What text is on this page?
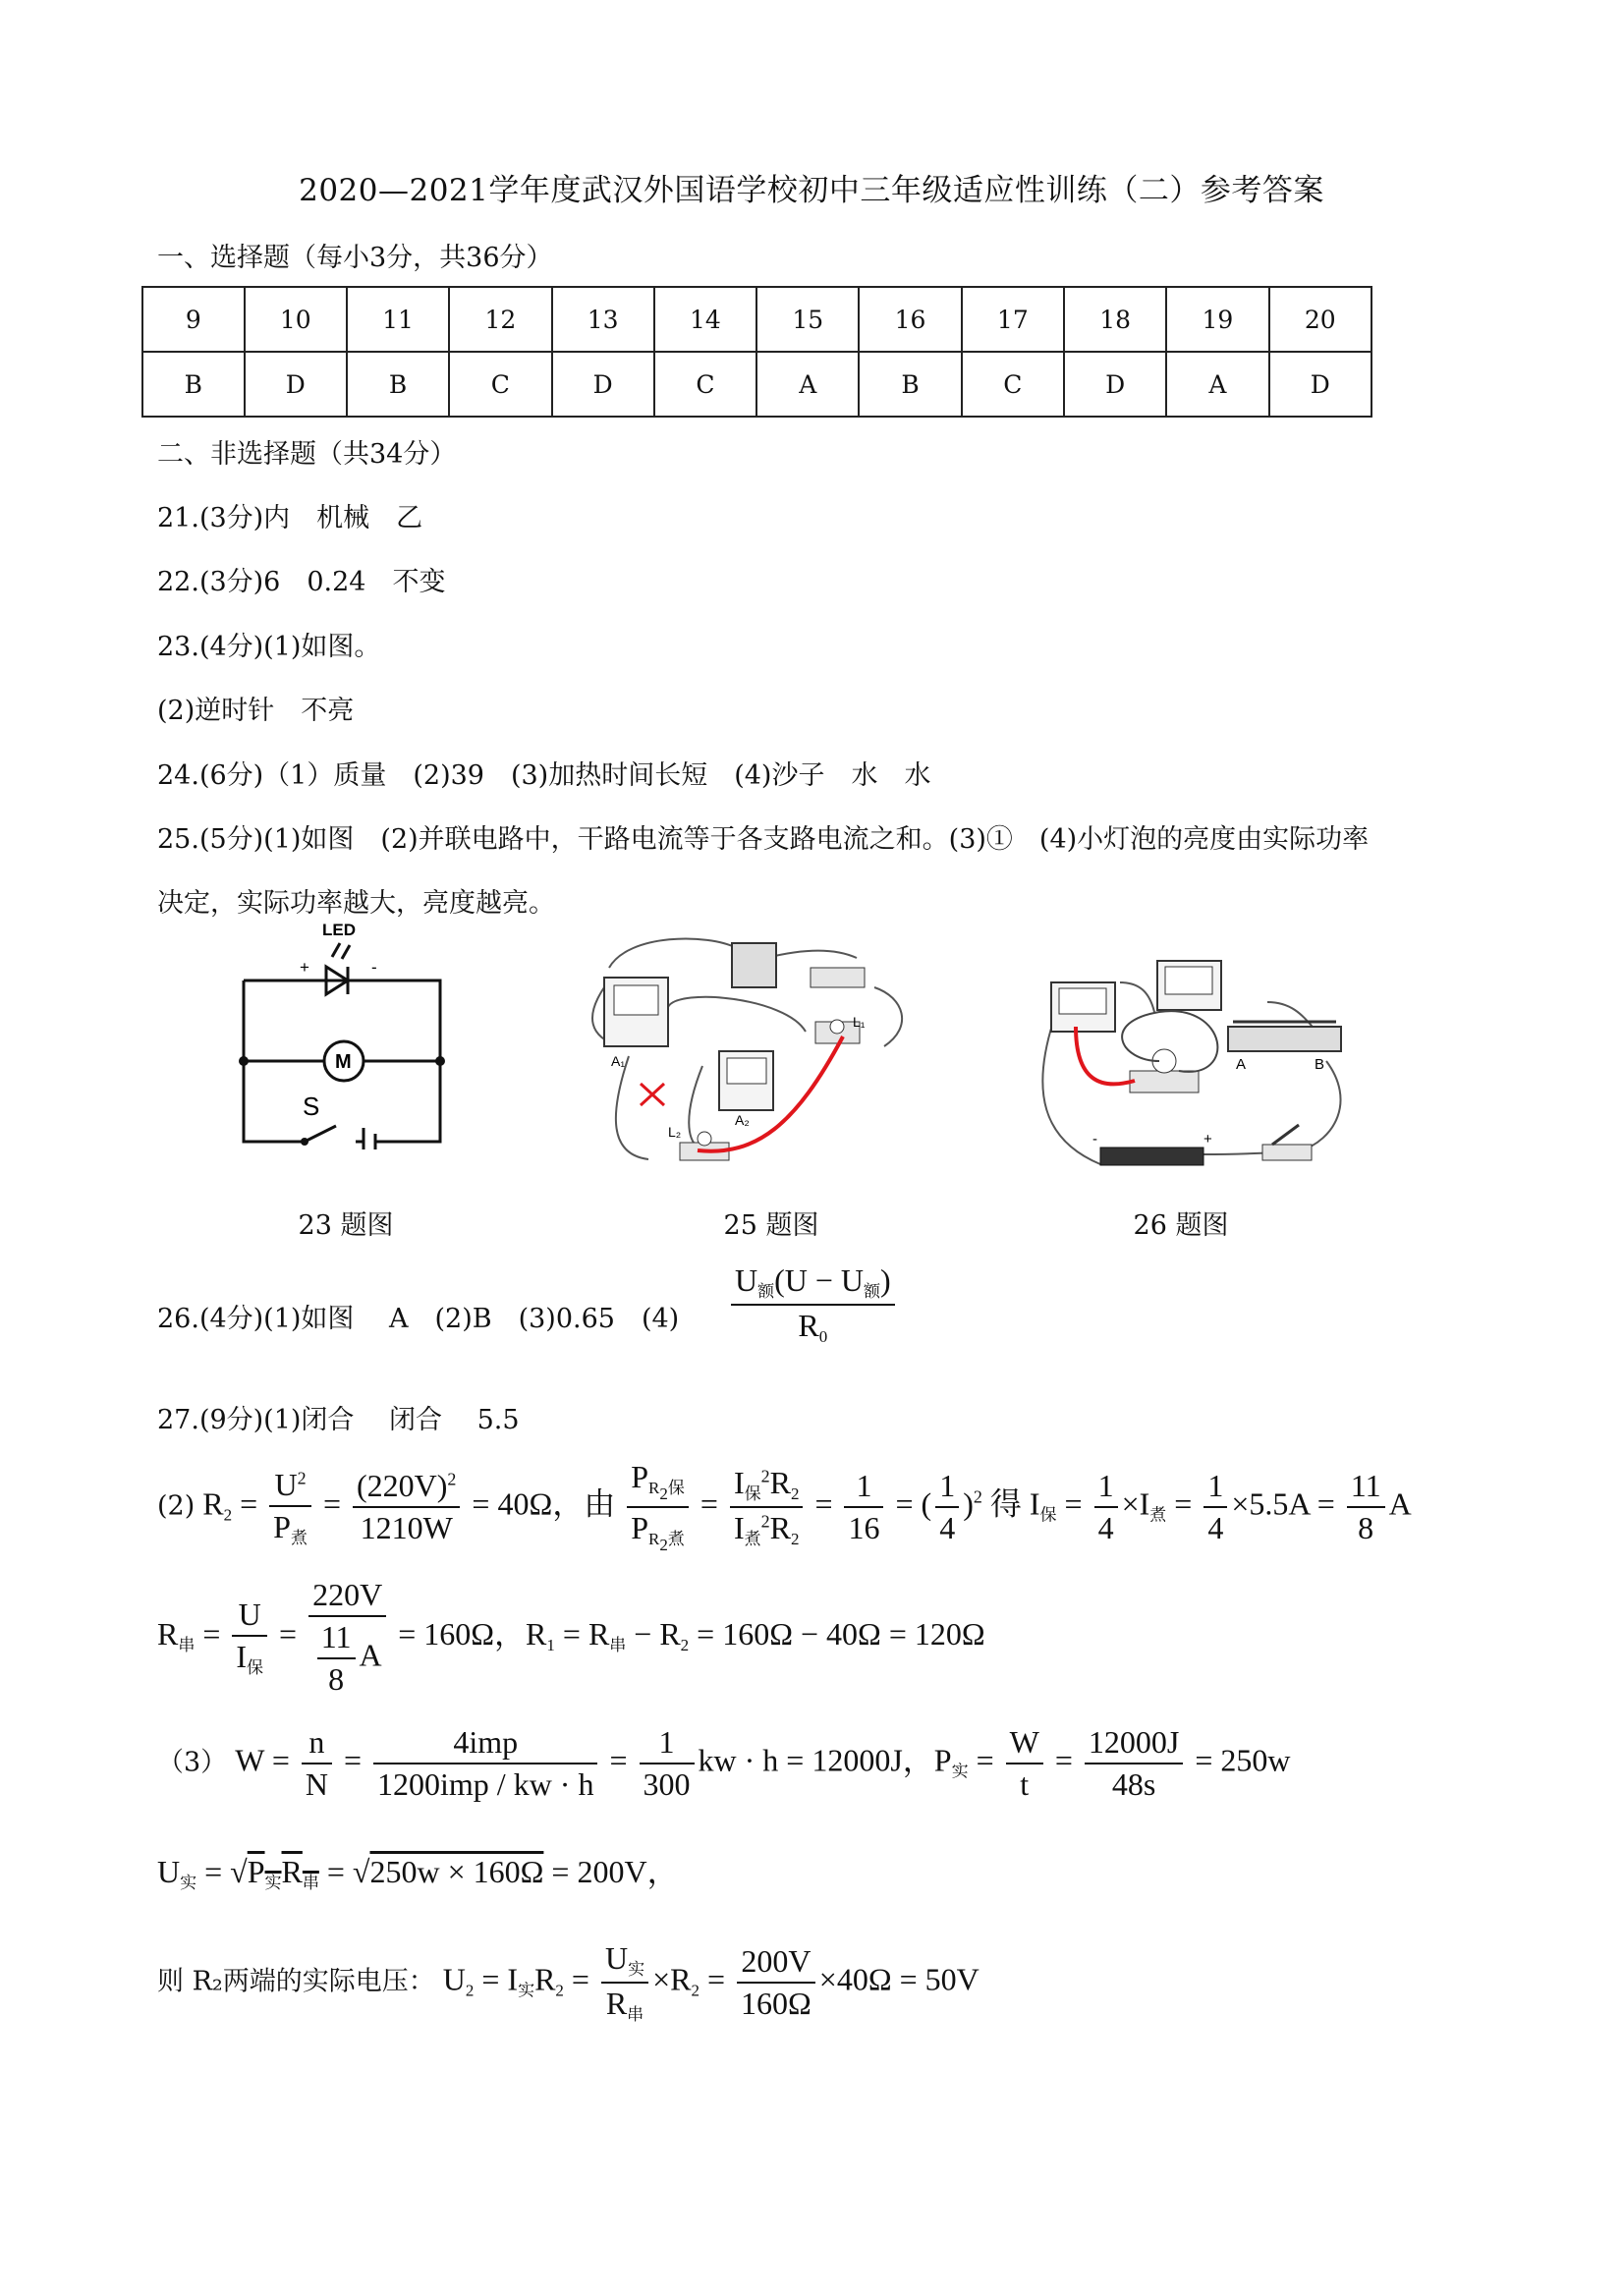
2020—2021学年度武汉外国语学校初中三年级适应性训练（二）参考答案
一、选择题（每小3分，共36分）
9	10	11	12	13	14	15	16	17	18	19	20
B	D	B	C	D	C	A	B	C	D	A	D
二、非选择题（共34分）
21.(3分)内　机械　乙
22.(3分)6　0.24　不变
23.(4分)(1)如图。
(2)逆时针　不亮
24.(6分)（1）质量　(2)39　(3)加热时间长短　(4)沙子　水　水
25.(5分)(1)如图　(2)并联电路中，干路电流等于各支路电流之和。(3)①　(4)小灯泡的亮度由实际功率
决定，实际功率越大，亮度越亮。
LED
+	-
M
S
23 题图
A₁
A₂
L₁
L₂
25 题图
A	B
-	+
26 题图
26.(4分)(1)如图　 A　(2)B　(3)0.65　$(4) \frac{U_额(U - U_额)}{R_0}$
27.(9分)(1)闭合　 闭合　 5.5
(2) $R_2 = \frac{U^2}{P_煮} = \frac{(220V)^2}{1210W} = 40\Omega$，由 $\frac{P_{R_2保}}{P_{R_2煮}} = \frac{I_保^2R_2}{I_煮^2R_2} = \frac{1}{16}$ = ( $\frac{1}{4} )^2$ 得 $I_保 = \frac{1}{4} \times I_煮 = \frac{1}{4} \times 5.5A = \frac{11}{8}$ A
$R_串 = \frac{U}{I_保} = \frac{220V}{\frac{11}{8} A} = 160\Omega$，$R_1 = R_串 - R_2 = 160\Omega - 40\Omega = 120\Omega$
（3） $W = \frac{n}{N} = \frac{\text{4imp}}{\text{1200imp / kw · h}} = \frac{1}{300}$ kw · h = 12000J，$P_实 = \frac{W}{t} = \frac{12000J}{48s} = 250w$
$U_实 = √P_实R_串 = √250w \times 160\Omega = 200V$，
则 R₂两端的实际电压： $U_2 = I_实R_2 = \frac{U_实}{R_串} \times R_2 = \frac{200V}{160\Omega} \times 40\Omega = 50V$
